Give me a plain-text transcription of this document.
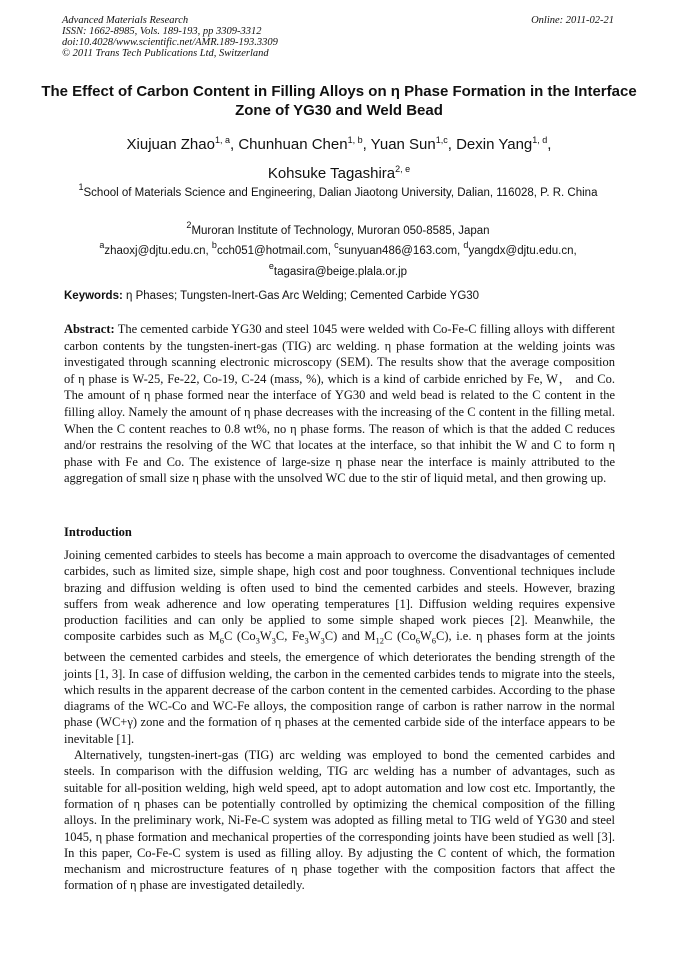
Advanced Materials Research
ISSN: 1662-8985, Vols. 189-193, pp 3309-3312
doi:10.4028/www.scientific.net/AMR.189-193.3309
© 2011 Trans Tech Publications Ltd, Switzerland
Online: 2011-02-21
The Effect of Carbon Content in Filling Alloys on η Phase Formation in the Interface Zone of YG30 and Weld Bead
Xiujuan Zhao$^{1, a}$, Chunhuan Chen$^{1, b}$, Yuan Sun$^{1,c}$, Dexin Yang$^{1, d}$,
Kohsuke Tagashira$^{2, e}$
$^1$School of Materials Science and Engineering, Dalian Jiaotong University, Dalian, 116028, P. R. China
$^2$Muroran Institute of Technology, Muroran 050-8585, Japan
$^a$zhaoxj@djtu.edu.cn, $^b$cch051@hotmail.com, $^c$sunyuan486@163.com, $^d$yangdx@djtu.edu.cn,
$^e$tagasira@beige.plala.or.jp
Keywords: η Phases; Tungsten-Inert-Gas Arc Welding; Cemented Carbide YG30
Abstract: The cemented carbide YG30 and steel 1045 were welded with Co-Fe-C filling alloys with different carbon contents by the tungsten-inert-gas (TIG) arc welding. η phase formation at the welding joints was investigated through scanning electronic microscopy (SEM). The results show that the average composition of η phase is W-25, Fe-22, Co-19, C-24 (mass, %), which is a kind of carbide enriched by Fe, W， and Co. The amount of η phase formed near the interface of YG30 and weld bead is related to the C content in the filling alloy. Namely the amount of η phase decreases with the increasing of the C content in the filling metal. When the C content reaches to 0.8 wt%, no η phase forms. The reason of which is that the added C reduces and/or restrains the resolving of the WC that locates at the interface, so that inhibit the W and C to form η phase with Fe and Co. The existence of large-size η phase near the interface is mainly attributed to the aggregation of small size η phase with the unsolved WC due to the stir of liquid metal, and then growing up.
Introduction

Joining cemented carbides to steels has become a main approach to overcome the disadvantages of cemented carbides, such as limited size, simple shape, high cost and poor toughness. Conventional techniques include brazing and diffusion welding is often used to bind the cemented carbides and steels. However, brazing suffers from weak adherence and low operating temperatures [1]. Diffusion welding requires expensive production facilities and can only be applied to some simple shaped work pieces [2]. Meanwhile, the composite carbides such as $M_6C$ ($Co_3W_3C$, $Fe_3W_3C$) and $M_{12}C$ $(Co_6W_6C)$, i.e. η phases form at the joints between the cemented carbides and steels, the emergence of which deteriorates the bending strength of the joints [1, 3]. In case of diffusion welding, the carbon in the cemented carbides tends to migrate into the steels, which results in the apparent decrease of the carbon content in the cemented carbides. According to the phase diagrams of the WC-Co and WC-Fe alloys, the composition range of carbon is rather narrow in the normal phase (WC+γ) zone and the formation of η phases at the cemented carbide side of the interface appears to be inevitable [1].

Alternatively, tungsten-inert-gas (TIG) arc welding was employed to bond the cemented carbides and steels. In comparison with the diffusion welding, TIG arc welding has a number of advantages, such as suitable for all-position welding, high weld speed, apt to adopt automation and low cost etc. Importantly, the formation of η phases can be potentially controlled by optimizing the chemical composition of the filling alloys. In the preliminary work, Ni-Fe-C system was adopted as filling metal to TIG weld of YG30 and steel 1045, η phase formation and mechanical properties of the corresponding joints have been studied as well [3]. In this paper, Co-Fe-C system is used as filling alloy. By adjusting the C content of which, the formation mechanism and microstructure features of η phase together with the composition factors that affect the formation of η phase are investigated detailedly.
